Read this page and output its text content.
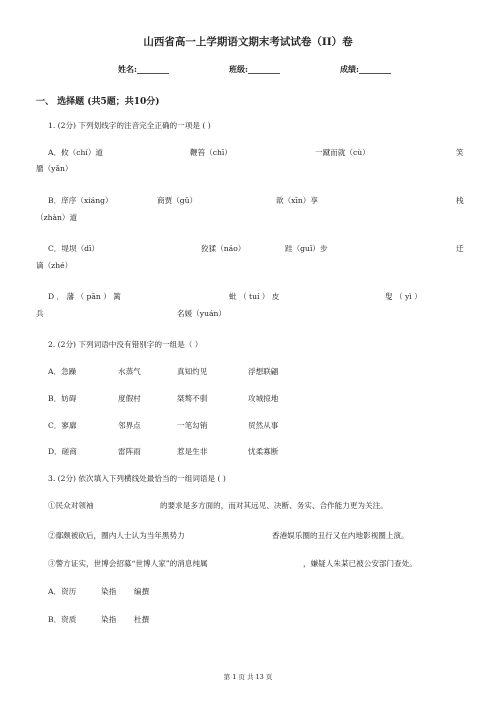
山西省高一上学期语文期末考试试卷（II）卷
姓名:________	班级:________	成绩:________
一、 选择题 (共5题；共10分)
1. (2分) 下列划线字的注音完全正确的一项是 ( )
A．攸（chí）道	鞭笞（chī）	一蹴而就（cù）	笑
靥（yǎn）
B．庠序（xiáng）	商贾（gǔ）	歆（xīn）享	栈
（zhàn）道
C．堤坝（dī）	狡猱（náo）	跬（guǐ）步	迁
谪（zhé）
D ． 藩 （ pān ） 篱	蚍 （ tuí ） 皮	叟 （ yì ）
兵	名媛（yuán）
2. (2分) 下列词语中没有错别字的一组是（ ）
A．急躁	水蒸气	真知灼见	浮想联翩
B．妨碍	度假村	桀骜不驯	攻城掠地
C．寥廓	邻界点	一笔勾销	贸然从事
D．磋商	雷阵雨	惹是生非	忧柔寡断
3. (2分) 依次填入下列横线处最恰当的一组词语是 ( )
①民众对领袖	的要求是多方面的，而对其远见、决断、务实、合作能力更为关注。
②鄢颇被砍后，圈内人士认为当年黑势力	香港娱乐圈的丑行又在内地影视圈上演。
③警方证实，世博会招募“世博人家”的消息纯属	，嫌疑人朱某已被公安部门查处。
A．资历	染指 编撰
B．资质	染指 杜撰
第 1 页 共 13 页
